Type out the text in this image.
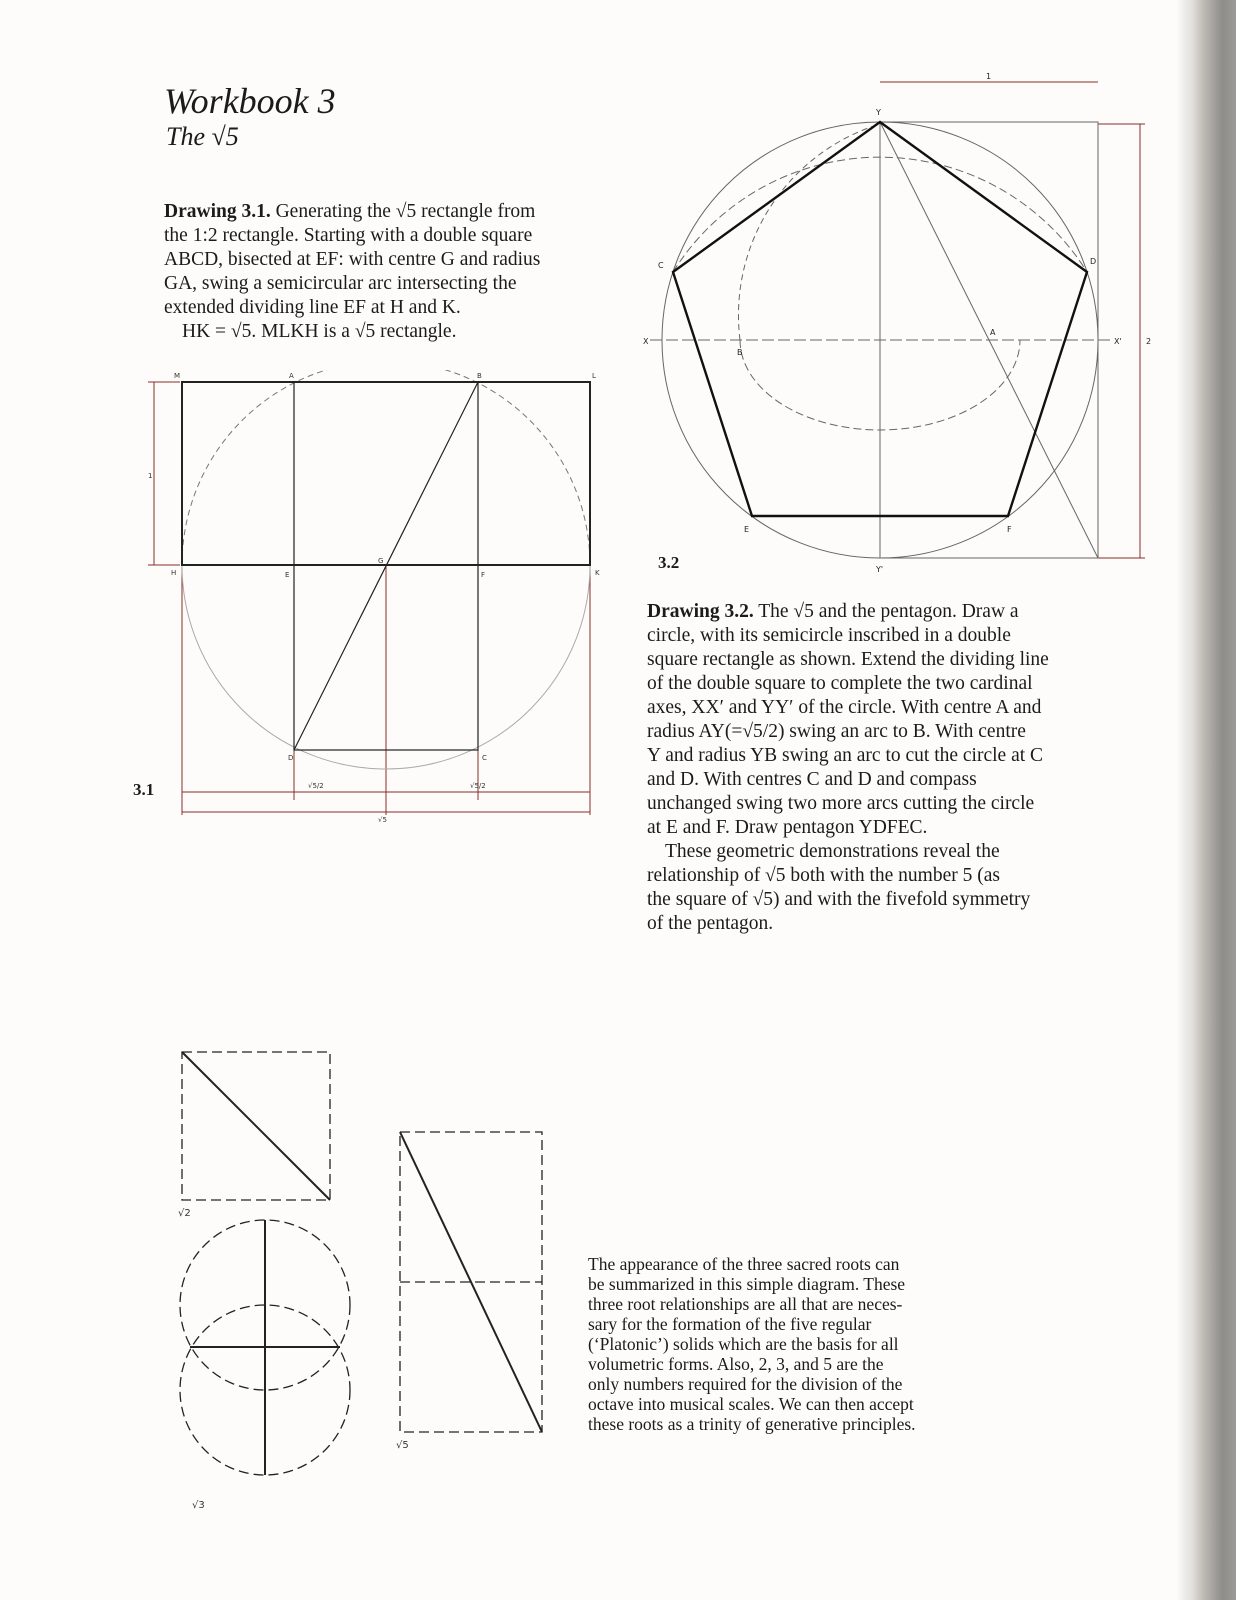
Workbook 3
The √5

Drawing 3.1. Generating the √5 rectangle from
the 1:2 rectangle. Starting with a double square
ABCD, bisected at EF: with centre G and radius
GA, swing a semicircular arc intersecting the
extended dividing line EF at H and K.
HK = √5. MLKH is a √5 rectangle.

M	A	B	L
H	E
G
F	K
D	C
1
√5/2	√5/2
√5
3.1
Y
Y'
X	X'
A
B
C	D
E	F
1
2
3.2

Drawing 3.2. The √5 and the pentagon. Draw a
circle, with its semicircle inscribed in a double
square rectangle as shown. Extend the dividing line
of the double square to complete the two cardinal
axes, XX′ and YY′ of the circle. With centre A and
radius AY(=√5/2) swing an arc to B. With centre
Y and radius YB swing an arc to cut the circle at C
and D. With centres C and D and compass
unchanged swing two more arcs cutting the circle
at E and F. Draw pentagon YDFEC.
These geometric demonstrations reveal the
relationship of √5 both with the number 5 (as
the square of √5) and with the fivefold symmetry
of the pentagon.

√2
√5
√3

The appearance of the three sacred roots can
be summarized in this simple diagram. These
three root relationships are all that are neces-
sary for the formation of the five regular
(‘Platonic’) solids which are the basis for all
volumetric forms. Also, 2, 3, and 5 are the
only numbers required for the division of the
octave into musical scales. We can then accept
these roots as a trinity of generative principles.
